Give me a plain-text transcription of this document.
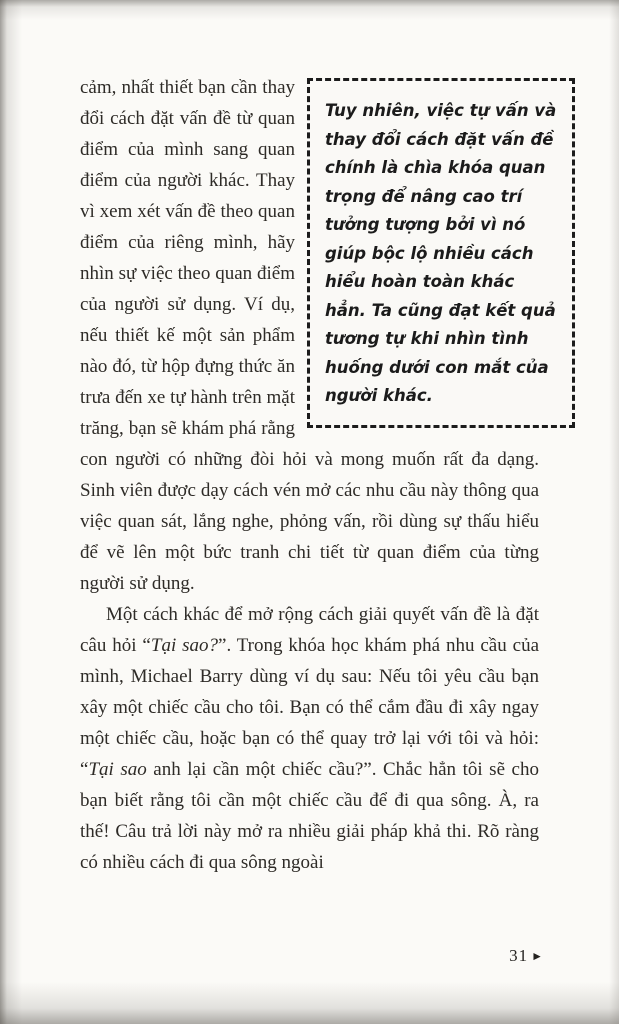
Tuy nhiên, việc tự vấn và thay đổi cách đặt vấn đề chính là chìa khóa quan trọng để nâng cao trí tưởng tượng bởi vì nó giúp bộc lộ nhiều cách hiểu hoàn toàn khác hẳn. Ta cũng đạt kết quả tương tự khi nhìn tình huống dưới con mắt của người khác.

cảm, nhất thiết bạn cần thay đổi cách đặt vấn đề từ quan điểm của mình sang quan điểm của người khác. Thay vì xem xét vấn đề theo quan điểm của riêng mình, hãy nhìn sự việc theo quan điểm của người sử dụng. Ví dụ, nếu thiết kế một sản phẩm nào đó, từ hộp đựng thức ăn trưa đến xe tự hành trên mặt trăng, bạn sẽ khám phá rằng con người có những đòi hỏi và mong muốn rất đa dạng. Sinh viên được dạy cách vén mở các nhu cầu này thông qua việc quan sát, lắng nghe, phỏng vấn, rồi dùng sự thấu hiểu để vẽ lên một bức tranh chi tiết từ quan điểm của từng người sử dụng.

Một cách khác để mở rộng cách giải quyết vấn đề là đặt câu hỏi “Tại sao?”. Trong khóa học khám phá nhu cầu của mình, Michael Barry dùng ví dụ sau: Nếu tôi yêu cầu bạn xây một chiếc cầu cho tôi. Bạn có thể cắm đầu đi xây ngay một chiếc cầu, hoặc bạn có thể quay trở lại với tôi và hỏi: “Tại sao anh lại cần một chiếc cầu?”. Chắc hẳn tôi sẽ cho bạn biết rằng tôi cần một chiếc cầu để đi qua sông. À, ra thế! Câu trả lời này mở ra nhiều giải pháp khả thi. Rõ ràng có nhiều cách đi qua sông ngoài

31 ►
